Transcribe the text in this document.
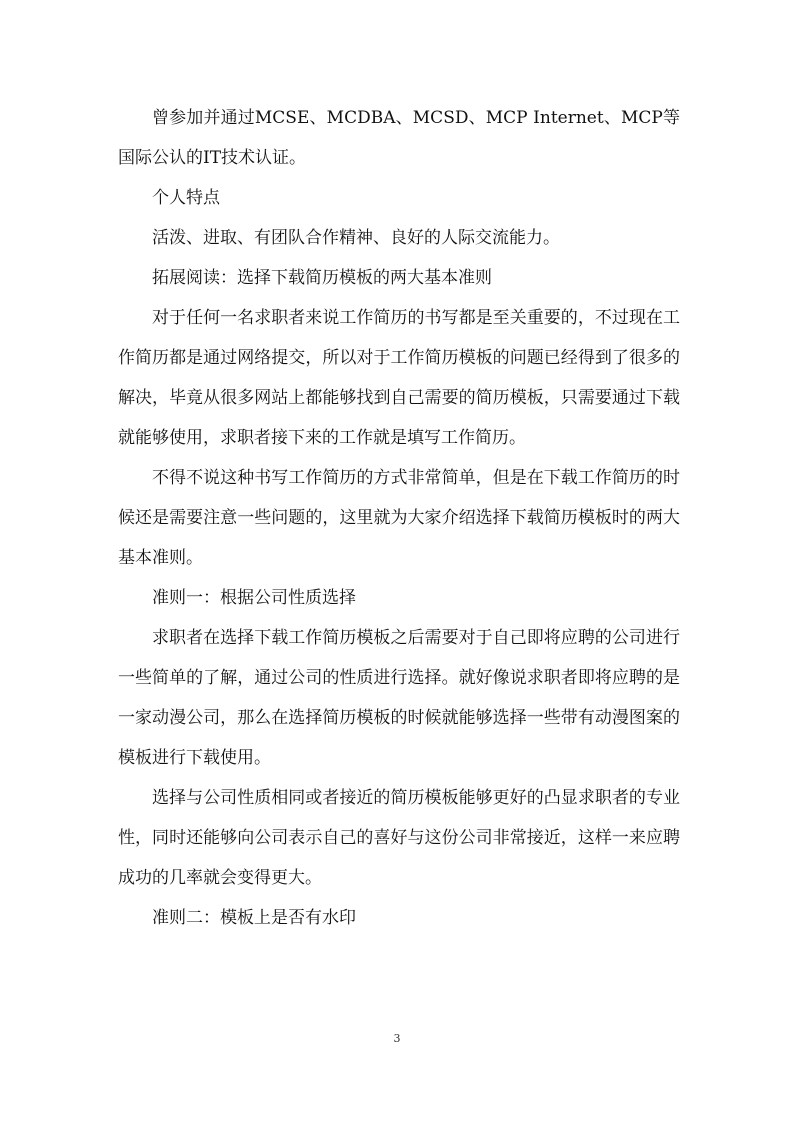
曾参加并通过MCSE、MCDBA、MCSD、MCP Internet、MCP等国际公认的IT技术认证。

个人特点

活泼、进取、有团队合作精神、良好的人际交流能力。

拓展阅读：选择下载简历模板的两大基本准则

对于任何一名求职者来说工作简历的书写都是至关重要的，不过现在工作简历都是通过网络提交，所以对于工作简历模板的问题已经得到了很多的解决，毕竟从很多网站上都能够找到自己需要的简历模板，只需要通过下载就能够使用，求职者接下来的工作就是填写工作简历。

不得不说这种书写工作简历的方式非常简单，但是在下载工作简历的时候还是需要注意一些问题的，这里就为大家介绍选择下载简历模板时的两大基本准则。

准则一：根据公司性质选择

求职者在选择下载工作简历模板之后需要对于自己即将应聘的公司进行一些简单的了解，通过公司的性质进行选择。就好像说求职者即将应聘的是一家动漫公司，那么在选择简历模板的时候就能够选择一些带有动漫图案的模板进行下载使用。

选择与公司性质相同或者接近的简历模板能够更好的凸显求职者的专业性，同时还能够向公司表示自己的喜好与这份公司非常接近，这样一来应聘成功的几率就会变得更大。

准则二：模板上是否有水印

3
